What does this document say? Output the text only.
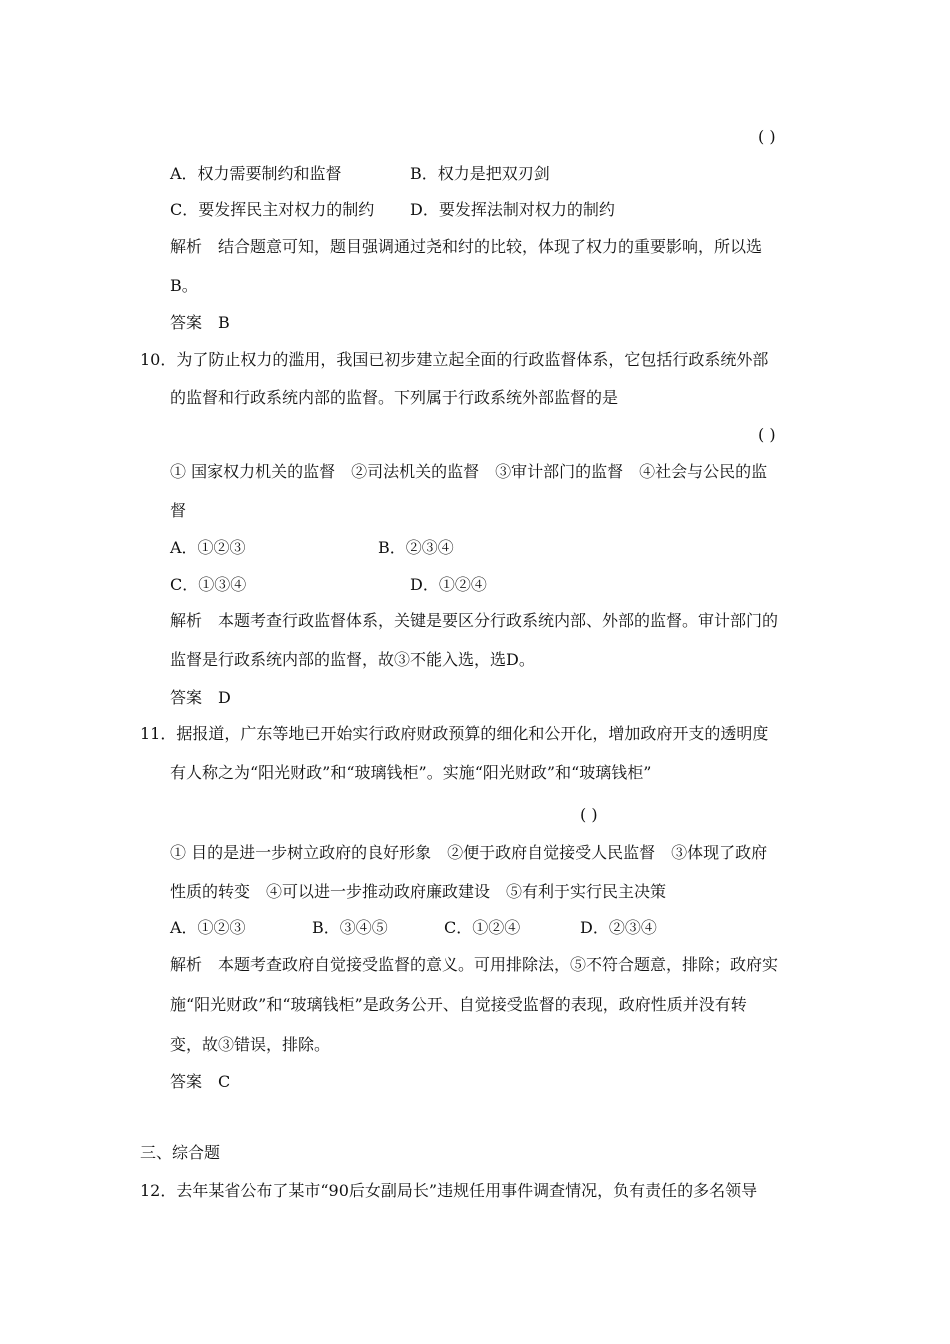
( )
A．权力需要制约和监督	B．权力是把双刃剑
C．要发挥民主对权力的制约 D．要发挥法制对权力的制约
解析　结合题意可知，题目强调通过尧和纣的比较，体现了权力的重要影响，所以选
B。
答案　B
10．为了防止权力的滥用，我国已初步建立起全面的行政监督体系，它包括行政系统外部
的监督和行政系统内部的监督。下列属于行政系统外部监督的是
( )
① 国家权力机关的监督　②司法机关的监督　③审计部门的监督　④社会与公民的监
督
A．①②③	B．②③④
C．①③④	D．①②④
解析　本题考查行政监督体系，关键是要区分行政系统内部、外部的监督。审计部门的
监督是行政系统内部的监督，故③不能入选，选D。
答案　D
11．据报道，广东等地已开始实行政府财政预算的细化和公开化，增加政府开支的透明度
有人称之为“阳光财政”和“玻璃钱柜”。实施“阳光财政”和“玻璃钱柜”
( )
① 目的是进一步树立政府的良好形象　②便于政府自觉接受人民监督　③体现了政府
性质的转变　④可以进一步推动政府廉政建设　⑤有利于实行民主决策
A．①②③	B．③④⑤	C．①②④	D．②③④
解析　本题考查政府自觉接受监督的意义。可用排除法，⑤不符合题意，排除；政府实
施“阳光财政”和“玻璃钱柜”是政务公开、自觉接受监督的表现，政府性质并没有转
变，故③错误，排除。
答案　C
三、综合题
12．去年某省公布了某市“90后女副局长”违规任用事件调查情况，负有责任的多名领导
